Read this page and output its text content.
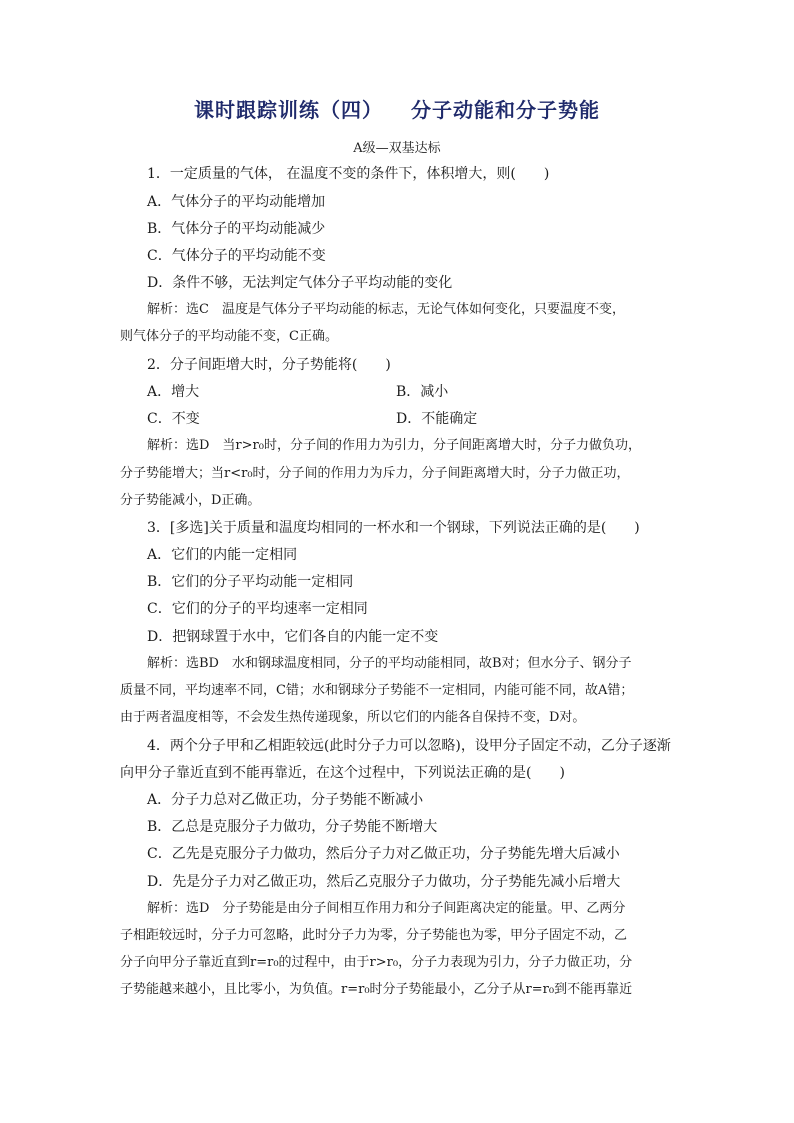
课时跟踪训练（四） 分子动能和分子势能
A级—双基达标
1．一定质量的气体， 在温度不变的条件下，体积增大，则(　　)
A．气体分子的平均动能增加
B．气体分子的平均动能减少
C．气体分子的平均动能不变
D．条件不够，无法判定气体分子平均动能的变化
解析：选C　温度是气体分子平均动能的标志，无论气体如何变化，只要温度不变，
则气体分子的平均动能不变，C正确。
2．分子间距增大时，分子势能将(　　)
A．增大	B．减小
C．不变	D．不能确定
解析：选D　当r>r₀时，分子间的作用力为引力，分子间距离增大时，分子力做负功，
分子势能增大；当r<r₀时，分子间的作用力为斥力，分子间距离增大时，分子力做正功，
分子势能减小，D正确。
3．[多选]关于质量和温度均相同的一杯水和一个钢球，下列说法正确的是(　　)
A．它们的内能一定相同
B．它们的分子平均动能一定相同
C．它们的分子的平均速率一定相同
D．把钢球置于水中，它们各自的内能一定不变
解析：选BD　水和钢球温度相同，分子的平均动能相同，故B对；但水分子、钢分子
质量不同，平均速率不同，C错；水和钢球分子势能不一定相同，内能可能不同，故A错；
由于两者温度相等，不会发生热传递现象，所以它们的内能各自保持不变，D对。
4．两个分子甲和乙相距较远(此时分子力可以忽略)，设甲分子固定不动，乙分子逐渐
向甲分子靠近直到不能再靠近，在这个过程中，下列说法正确的是(　　)
A．分子力总对乙做正功，分子势能不断减小
B．乙总是克服分子力做功，分子势能不断增大
C．乙先是克服分子力做功，然后分子力对乙做正功，分子势能先增大后减小
D．先是分子力对乙做正功，然后乙克服分子力做功，分子势能先减小后增大
解析：选D　分子势能是由分子间相互作用力和分子间距离决定的能量。甲、乙两分
子相距较远时，分子力可忽略，此时分子力为零，分子势能也为零，甲分子固定不动，乙
分子向甲分子靠近直到r=r₀的过程中，由于r>r₀，分子力表现为引力，分子力做正功，分
子势能越来越小，且比零小，为负值。r=r₀时分子势能最小，乙分子从r=r₀到不能再靠近
